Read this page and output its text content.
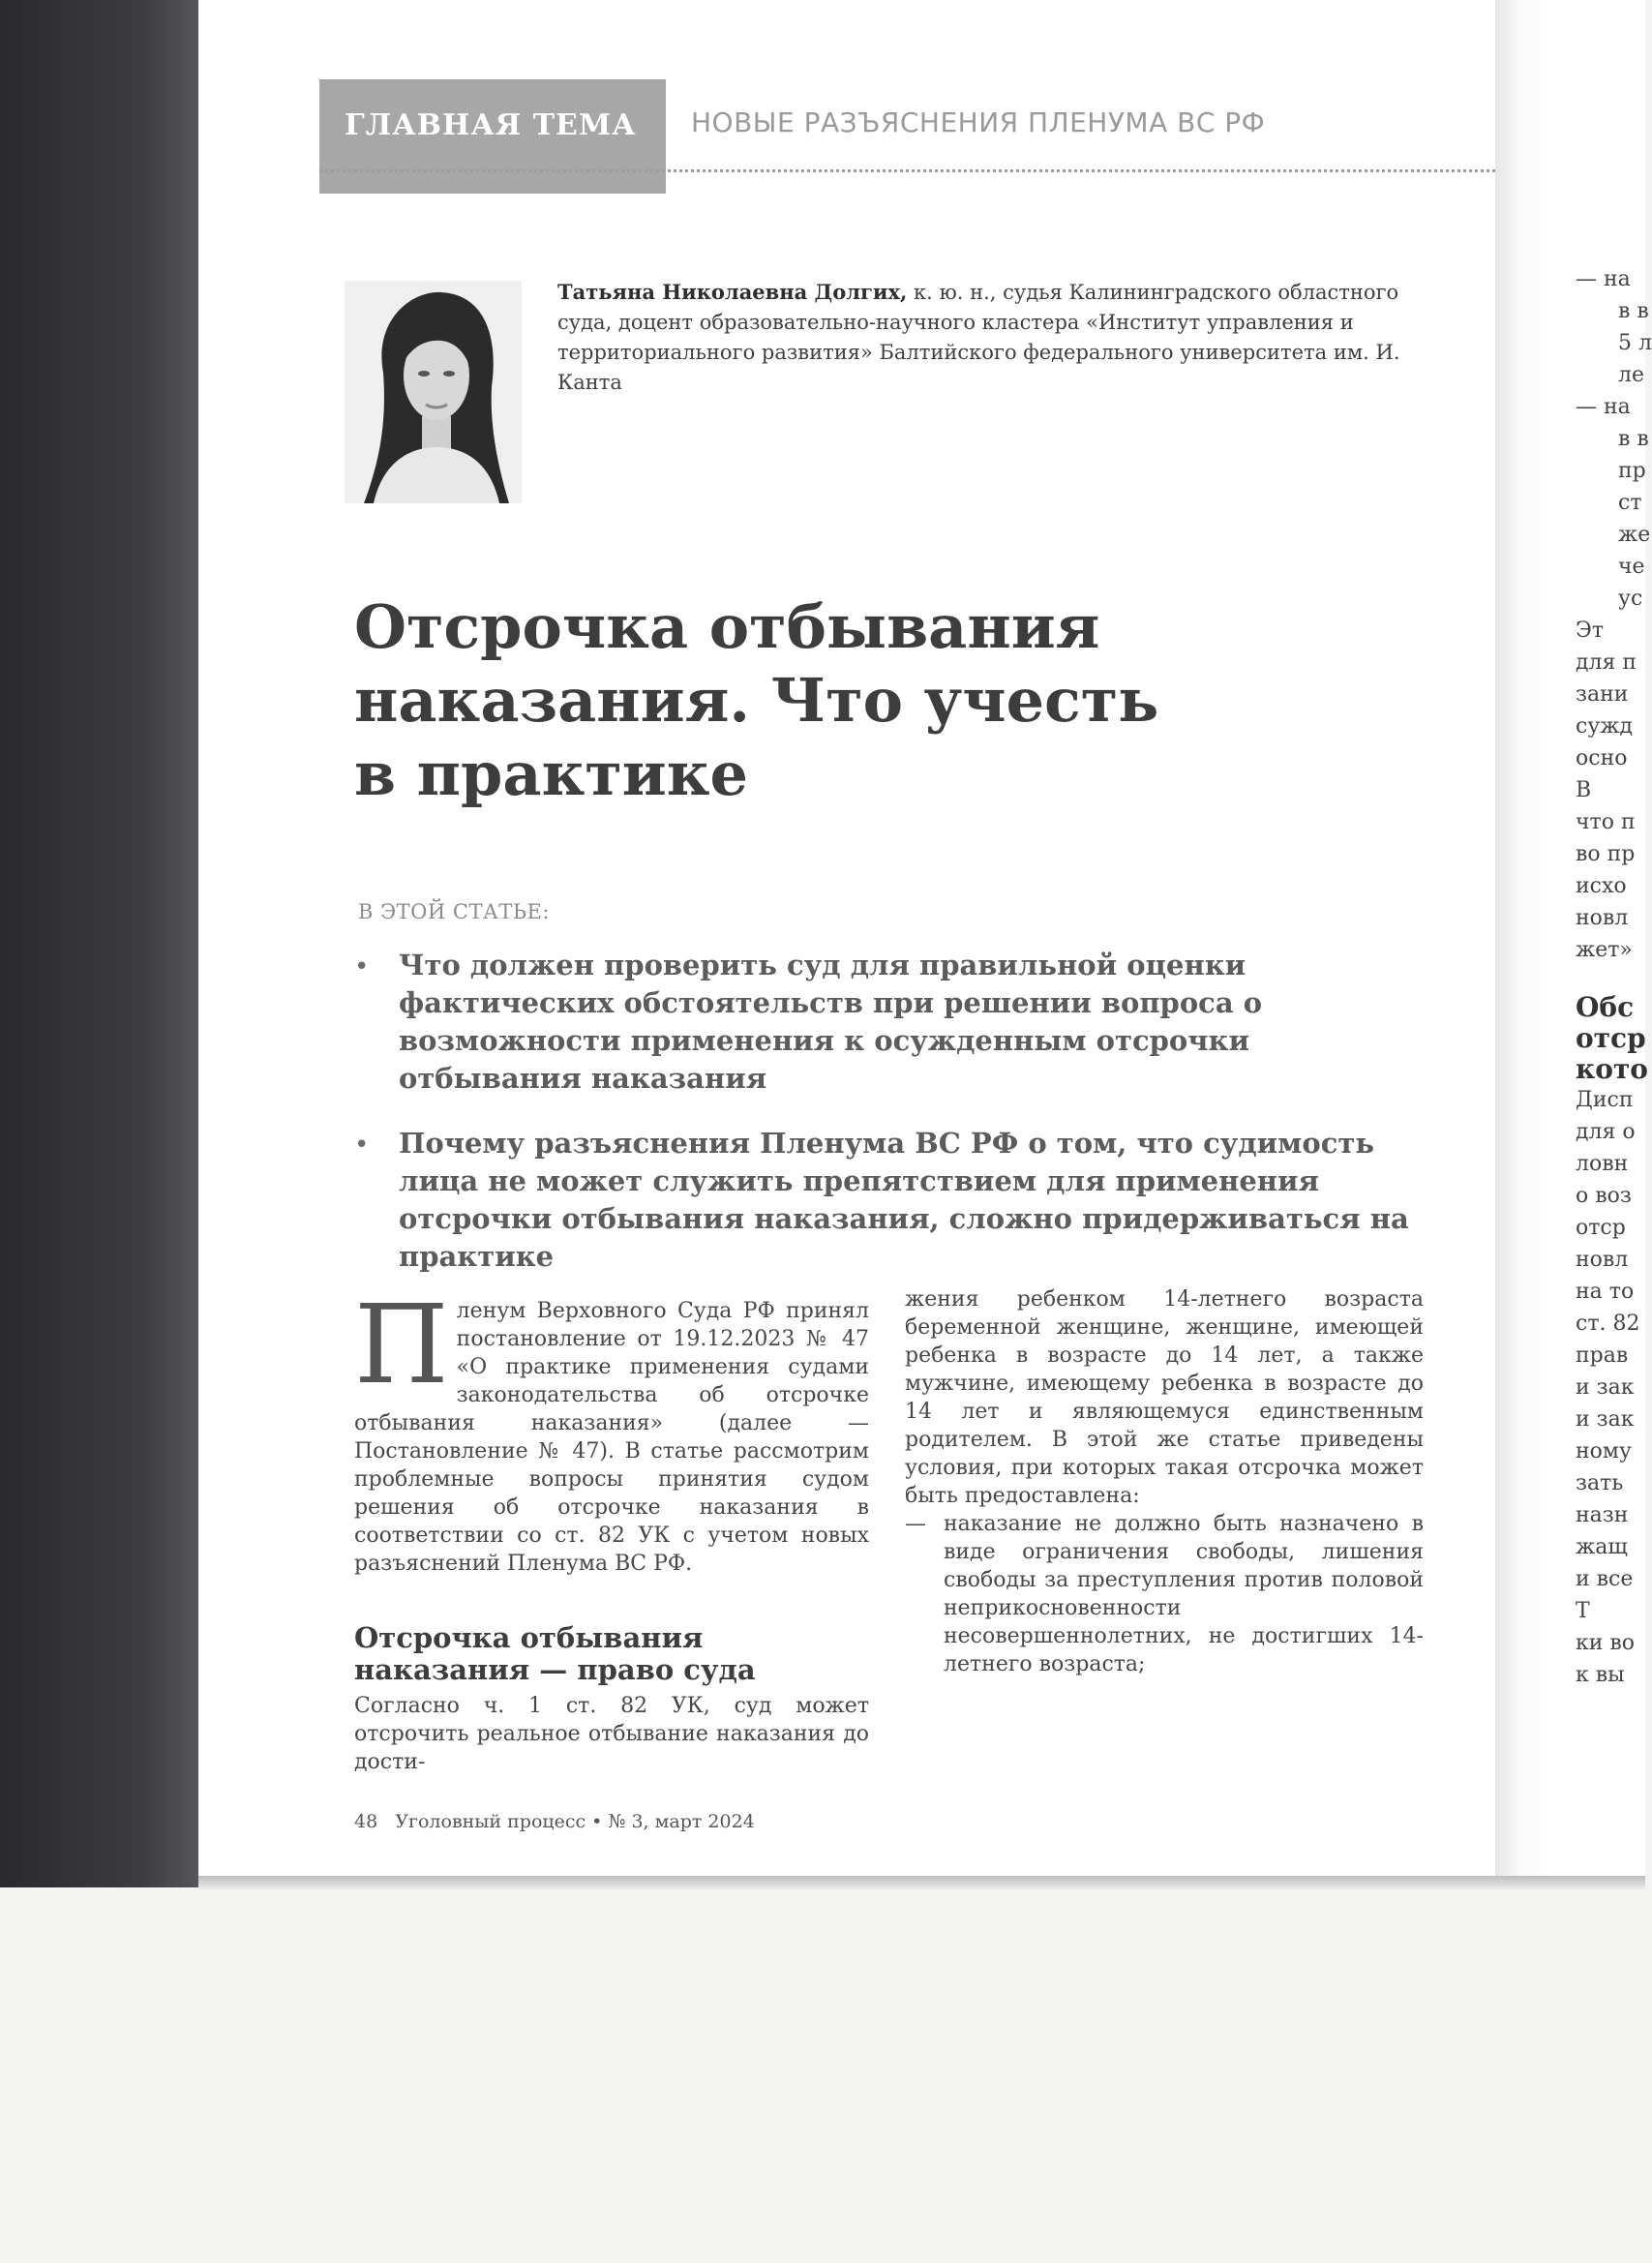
ГЛАВНАЯ ТЕМА НОВЫЕ РАЗЪЯСНЕНИЯ ПЛЕНУМА ВС РФ
Татьяна Николаевна Долгих, к. ю. н., судья Калининградского областного суда, доцент образовательно-научного кластера «Институт управления и территориального развития» Балтийского федерального университета им. И. Канта
Отсрочка отбывания
наказания. Что учесть
в практике
В ЭТОЙ СТАТЬЕ:
• Что должен проверить суд для правильной оценки фактических обстоятельств при решении вопроса о возможности применения к осужденным отсрочки отбывания наказания
• Почему разъяснения Пленума ВС РФ о том, что судимость лица не может служить препятствием для применения отсрочки отбывания наказания, сложно придерживаться на практике
Пленум Верховного Суда РФ принял постановление от 19.12.2023 № 47 «О практике применения судами законодательства об отсрочке отбывания наказания» (далее — Постановление № 47). В статье рассмотрим проблемные вопросы принятия судом решения об отсрочке наказания в соответствии со ст. 82 УК с учетом новых разъяснений Пленума ВС РФ.
Отсрочка отбывания наказания — право суда
Согласно ч. 1 ст. 82 УК, суд может отсрочить реальное отбывание наказания до дости-
жения ребенком 14-летнего возраста беременной женщине, женщине, имеющей ребенка в возрасте до 14 лет, а также мужчине, имеющему ребенка в возрасте до 14 лет и являющемуся единственным родителем. В этой же статье приведены условия, при которых такая отсрочка может быть предоставлена:
— наказание не должно быть назначено в виде ограничения свободы, лишения свободы за преступления против половой неприкосновенности несовершеннолетних, не достигших 14-летнего возраста;
48 Уголовный процесс • № 3, март 2024
— на
в в
5 л
ле
— на
в в
пр
ст
же
че
ус
Эт
для п
зани
сужд
осно
В
что п
во пр
исхо
новл
жет»
Обс
отср
кото
Дисп
для о
ловн
о воз
отср
новл
на то
ст. 82
прав
и зак
и зак
ному
зать
назн
жащ
и все
Т
ки во
к вы
